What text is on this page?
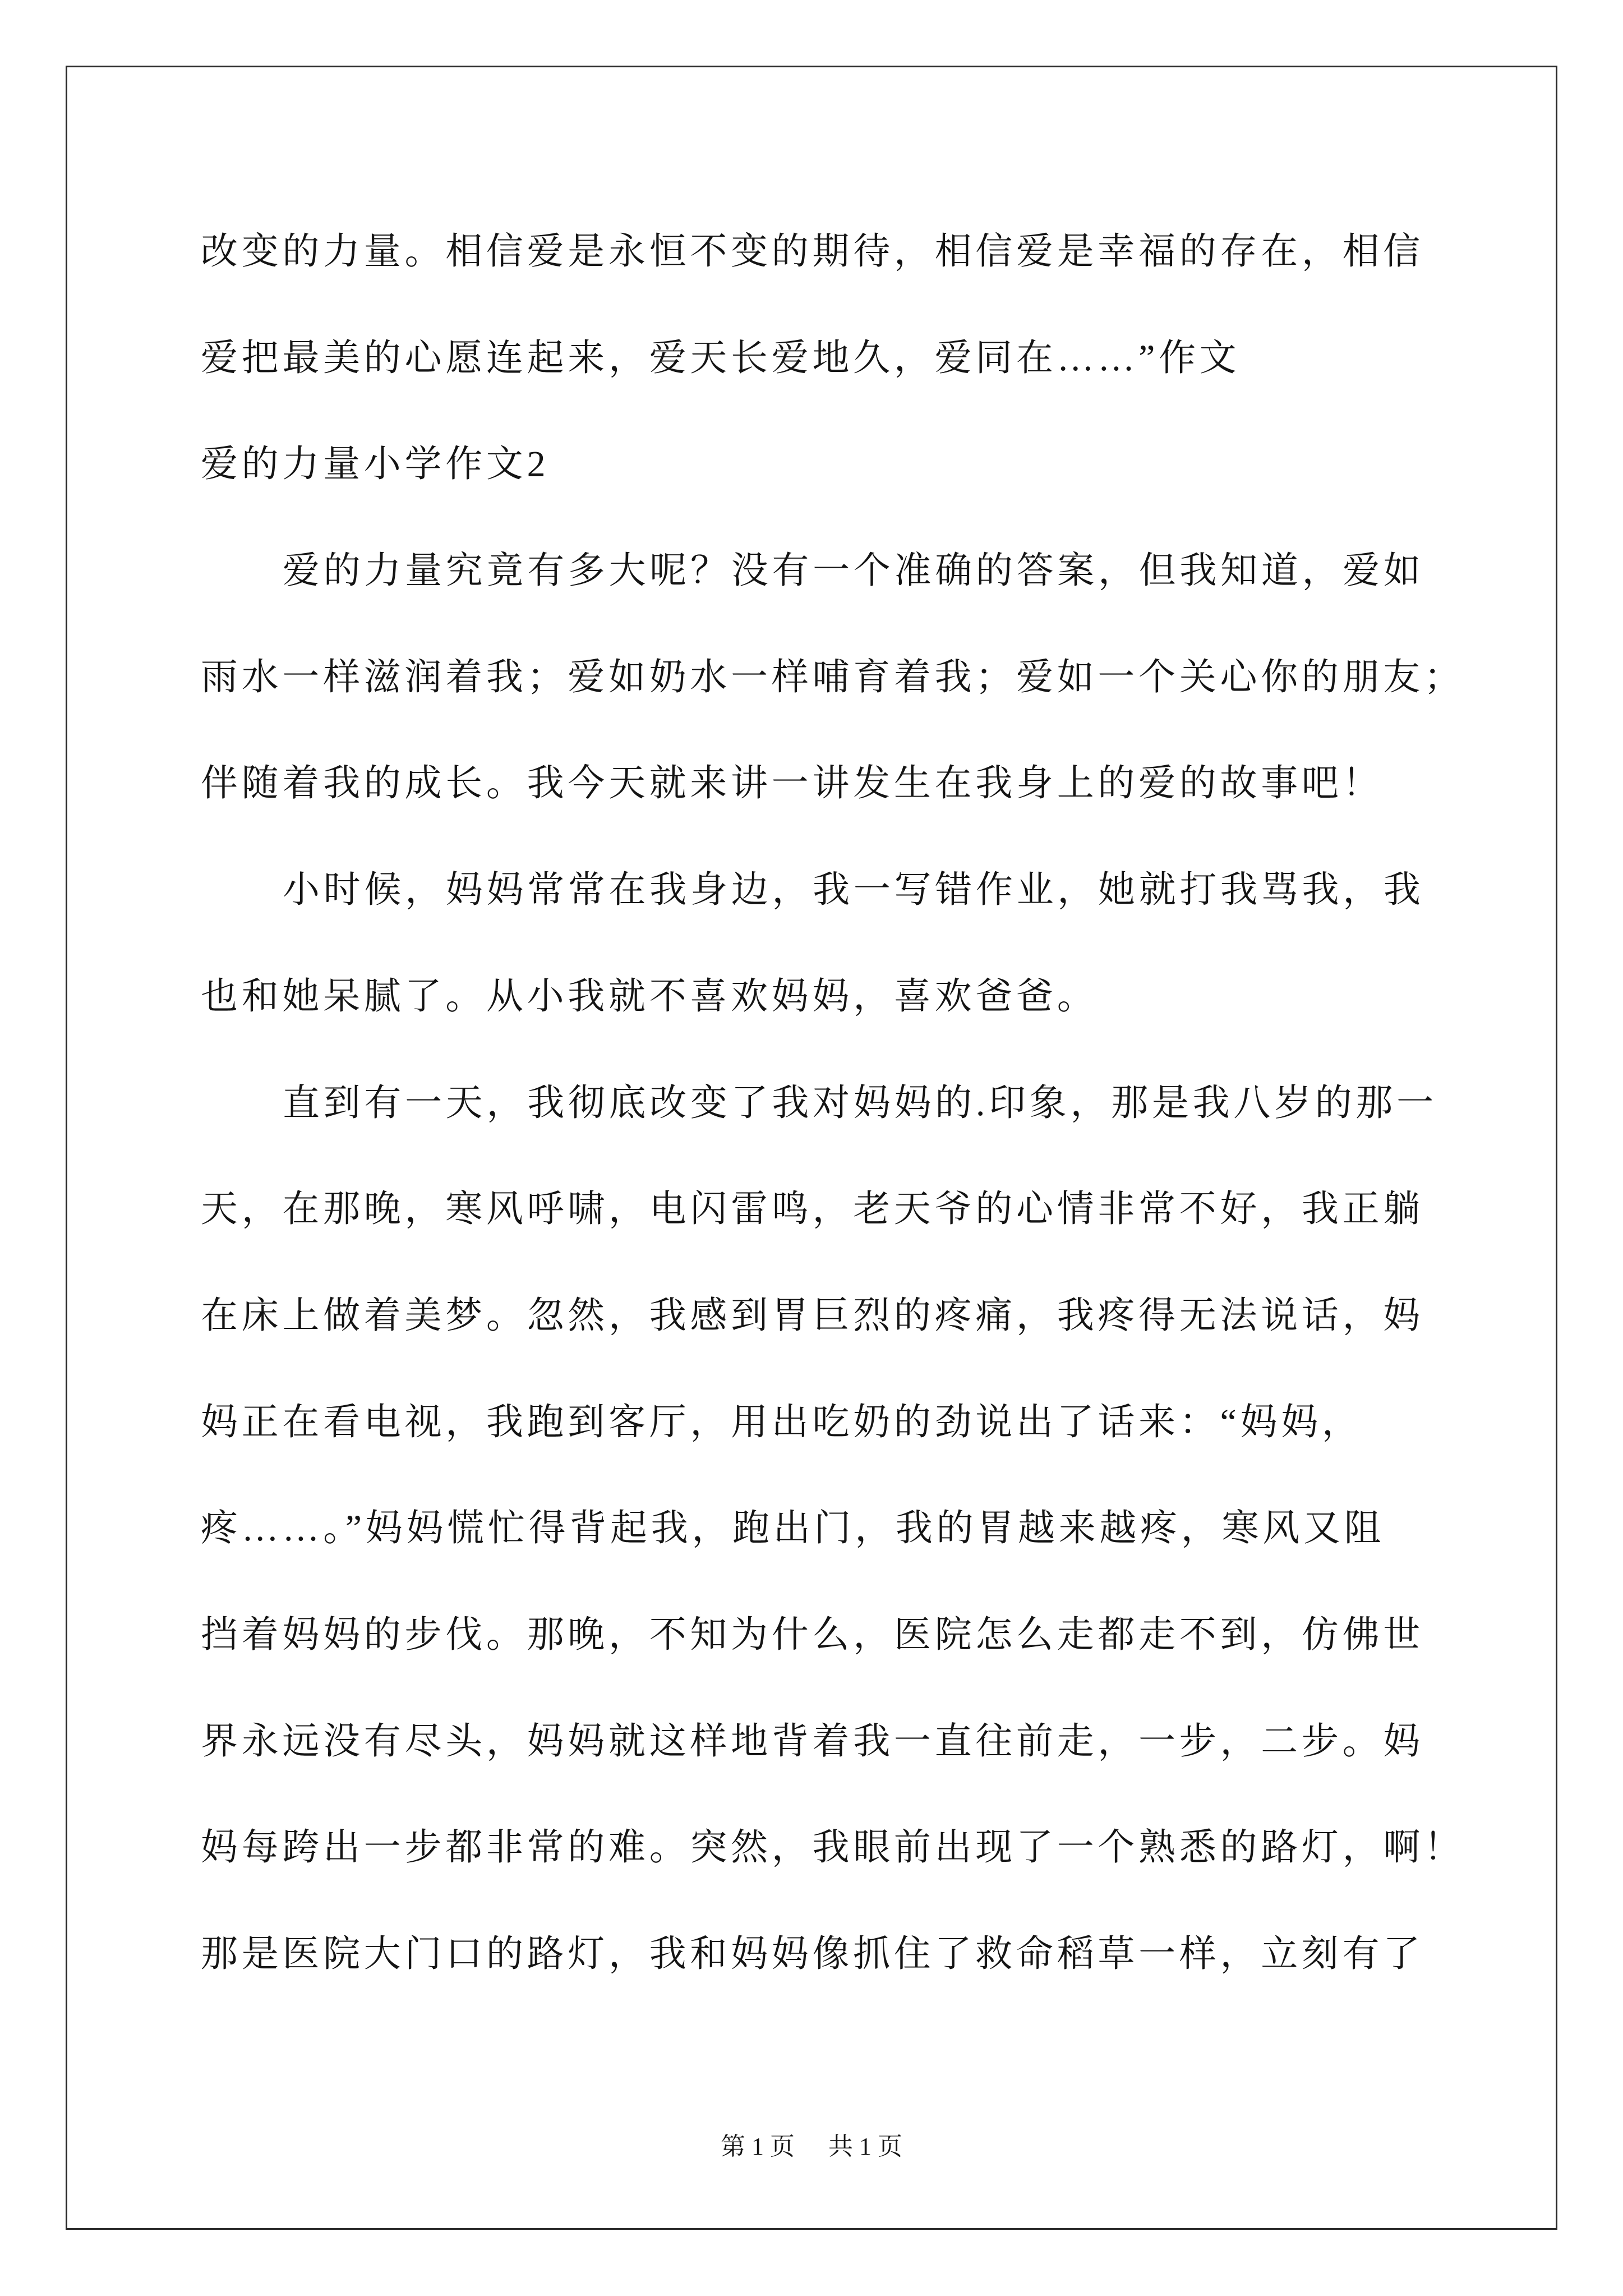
改变的力量。相信爱是永恒不变的期待，相信爱是幸福的存在，相信
爱把最美的心愿连起来，爱天长爱地久，爱同在……”作文
爱的力量小学作文2
爱的力量究竟有多大呢？没有一个准确的答案，但我知道，爱如
雨水一样滋润着我；爱如奶水一样哺育着我；爱如一个关心你的朋友；
伴随着我的成长。我今天就来讲一讲发生在我身上的爱的故事吧！
小时候，妈妈常常在我身边，我一写错作业，她就打我骂我，我
也和她呆腻了。从小我就不喜欢妈妈，喜欢爸爸。
直到有一天，我彻底改变了我对妈妈的.印象，那是我八岁的那一
天，在那晚，寒风呼啸，电闪雷鸣，老天爷的心情非常不好，我正躺
在床上做着美梦。忽然，我感到胃巨烈的疼痛，我疼得无法说话，妈
妈正在看电视，我跑到客厅，用出吃奶的劲说出了话来：“妈妈，
疼……。”妈妈慌忙得背起我，跑出门，我的胃越来越疼，寒风又阻
挡着妈妈的步伐。那晚，不知为什么，医院怎么走都走不到，仿佛世
界永远没有尽头，妈妈就这样地背着我一直往前走，一步，二步。妈
妈每跨出一步都非常的难。突然，我眼前出现了一个熟悉的路灯，啊！
那是医院大门口的路灯，我和妈妈像抓住了救命稻草一样，立刻有了
第 1 页 共 1 页
